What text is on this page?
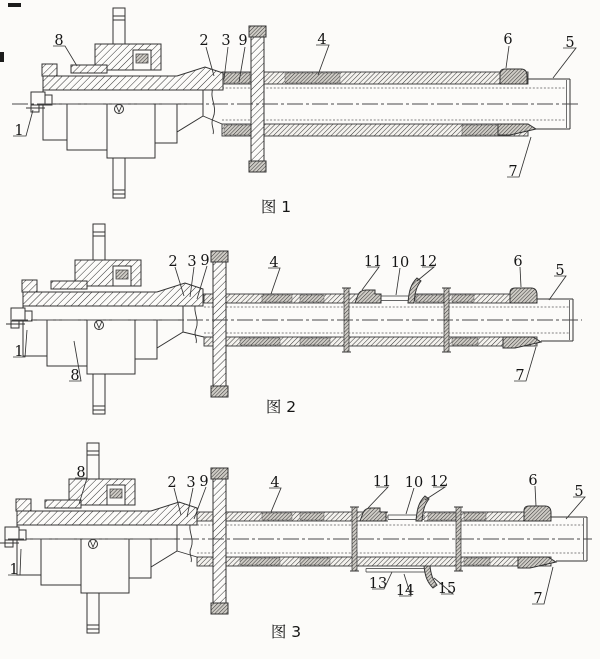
8	2 3 9	4	6	5
1
7
图 1
2 3 9	4	11 10 12	6
5
1
8	7
图 2
8
2 3 9	4	11 10 12	6
5
1
13 14 15
7
图 3
